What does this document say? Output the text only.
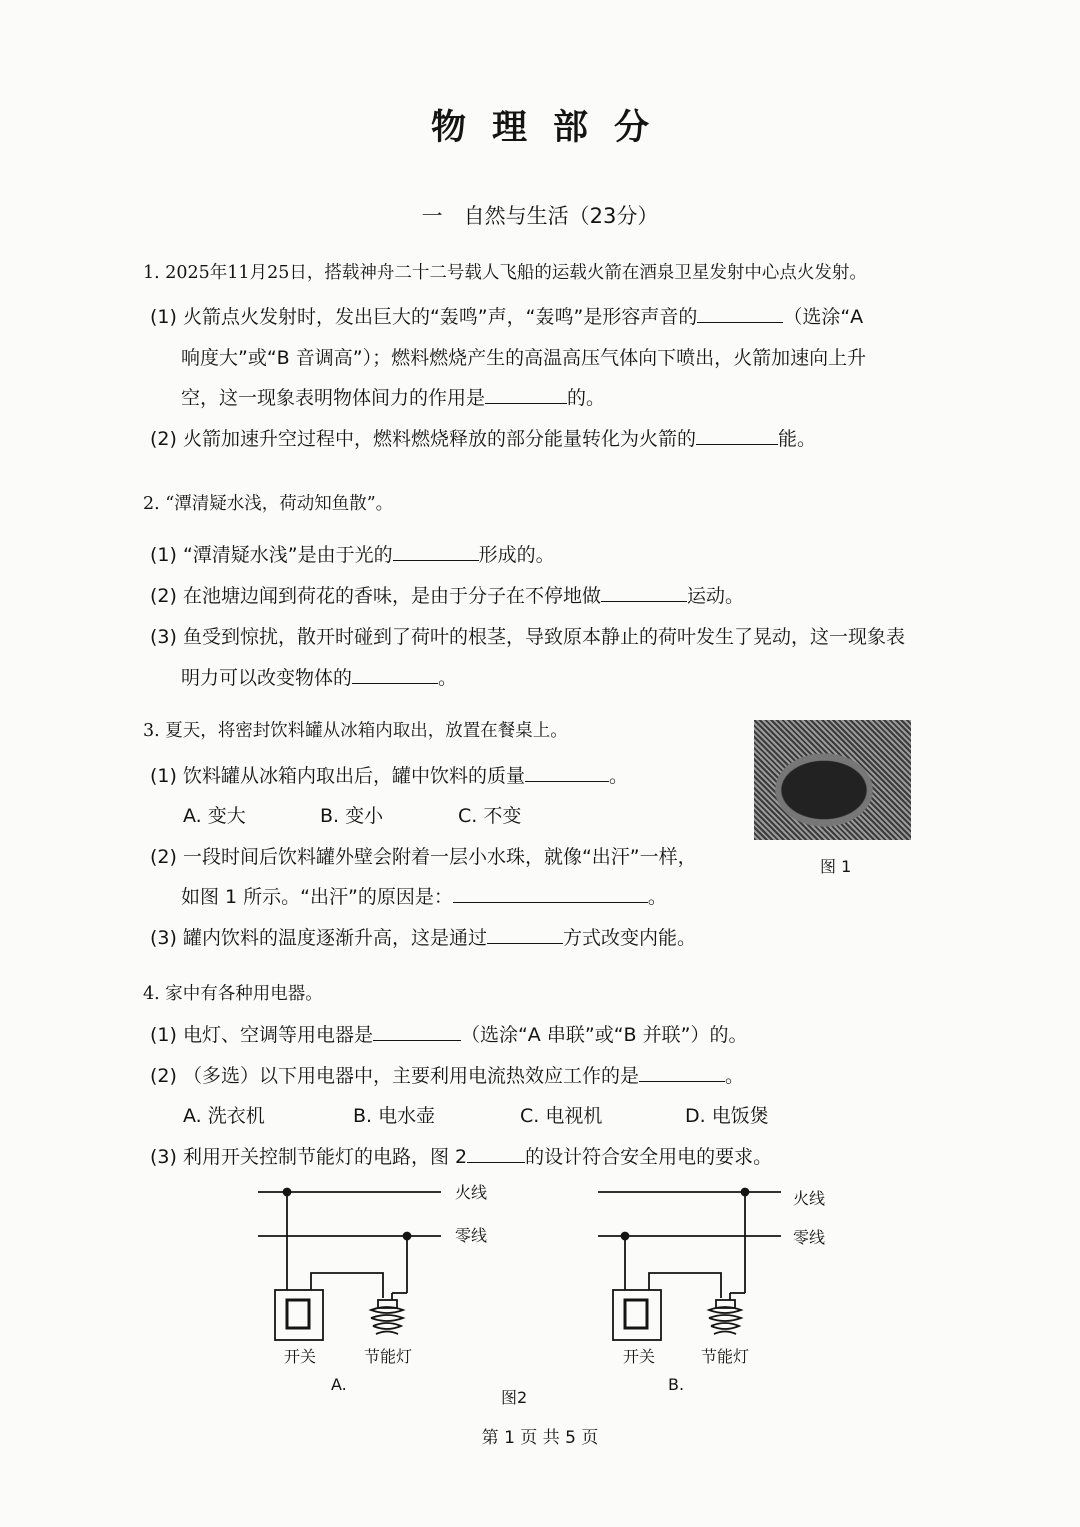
物理部分
一　自然与生活（23分）
1. 2025年11月25日，搭载神舟二十二号载人飞船的运载火箭在酒泉卫星发射中心点火发射。
(1) 火箭点火发射时，发出巨大的“轰鸣”声，“轰鸣”是形容声音的	（选涂“A
响度大”或“B 音调高”）；燃料燃烧产生的高温高压气体向下喷出，火箭加速向上升
空，这一现象表明物体间力的作用是	的。
(2) 火箭加速升空过程中，燃料燃烧释放的部分能量转化为火箭的	能。
2. “潭清疑水浅，荷动知鱼散”。
(1) “潭清疑水浅”是由于光的	形成的。
(2) 在池塘边闻到荷花的香味，是由于分子在不停地做	运动。
(3) 鱼受到惊扰，散开时碰到了荷叶的根茎，导致原本静止的荷叶发生了晃动，这一现象表
明力可以改变物体的	。
3. 夏天，将密封饮料罐从冰箱内取出，放置在餐桌上。
图 1
(1) 饮料罐从冰箱内取出后，罐中饮料的质量	。
A. 变大	B. 变小	C. 不变
(2) 一段时间后饮料罐外壁会附着一层小水珠，就像“出汗”一样，
如图 1 所示。“出汗”的原因是：	。
(3) 罐内饮料的温度逐渐升高，这是通过	方式改变内能。
4. 家中有各种用电器。
(1) 电灯、空调等用电器是	（选涂“A 串联”或“B 并联”）的。
(2) （多选）以下用电器中，主要利用电流热效应工作的是	。
A. 洗衣机	B. 电水壶	C. 电视机	D. 电饭煲
(3) 利用开关控制节能灯的电路，图 2	的设计符合安全用电的要求。
火线
零线
开关	节能灯
A.
火线
零线
开关	节能灯
B.
图2
第 1 页 共 5 页
